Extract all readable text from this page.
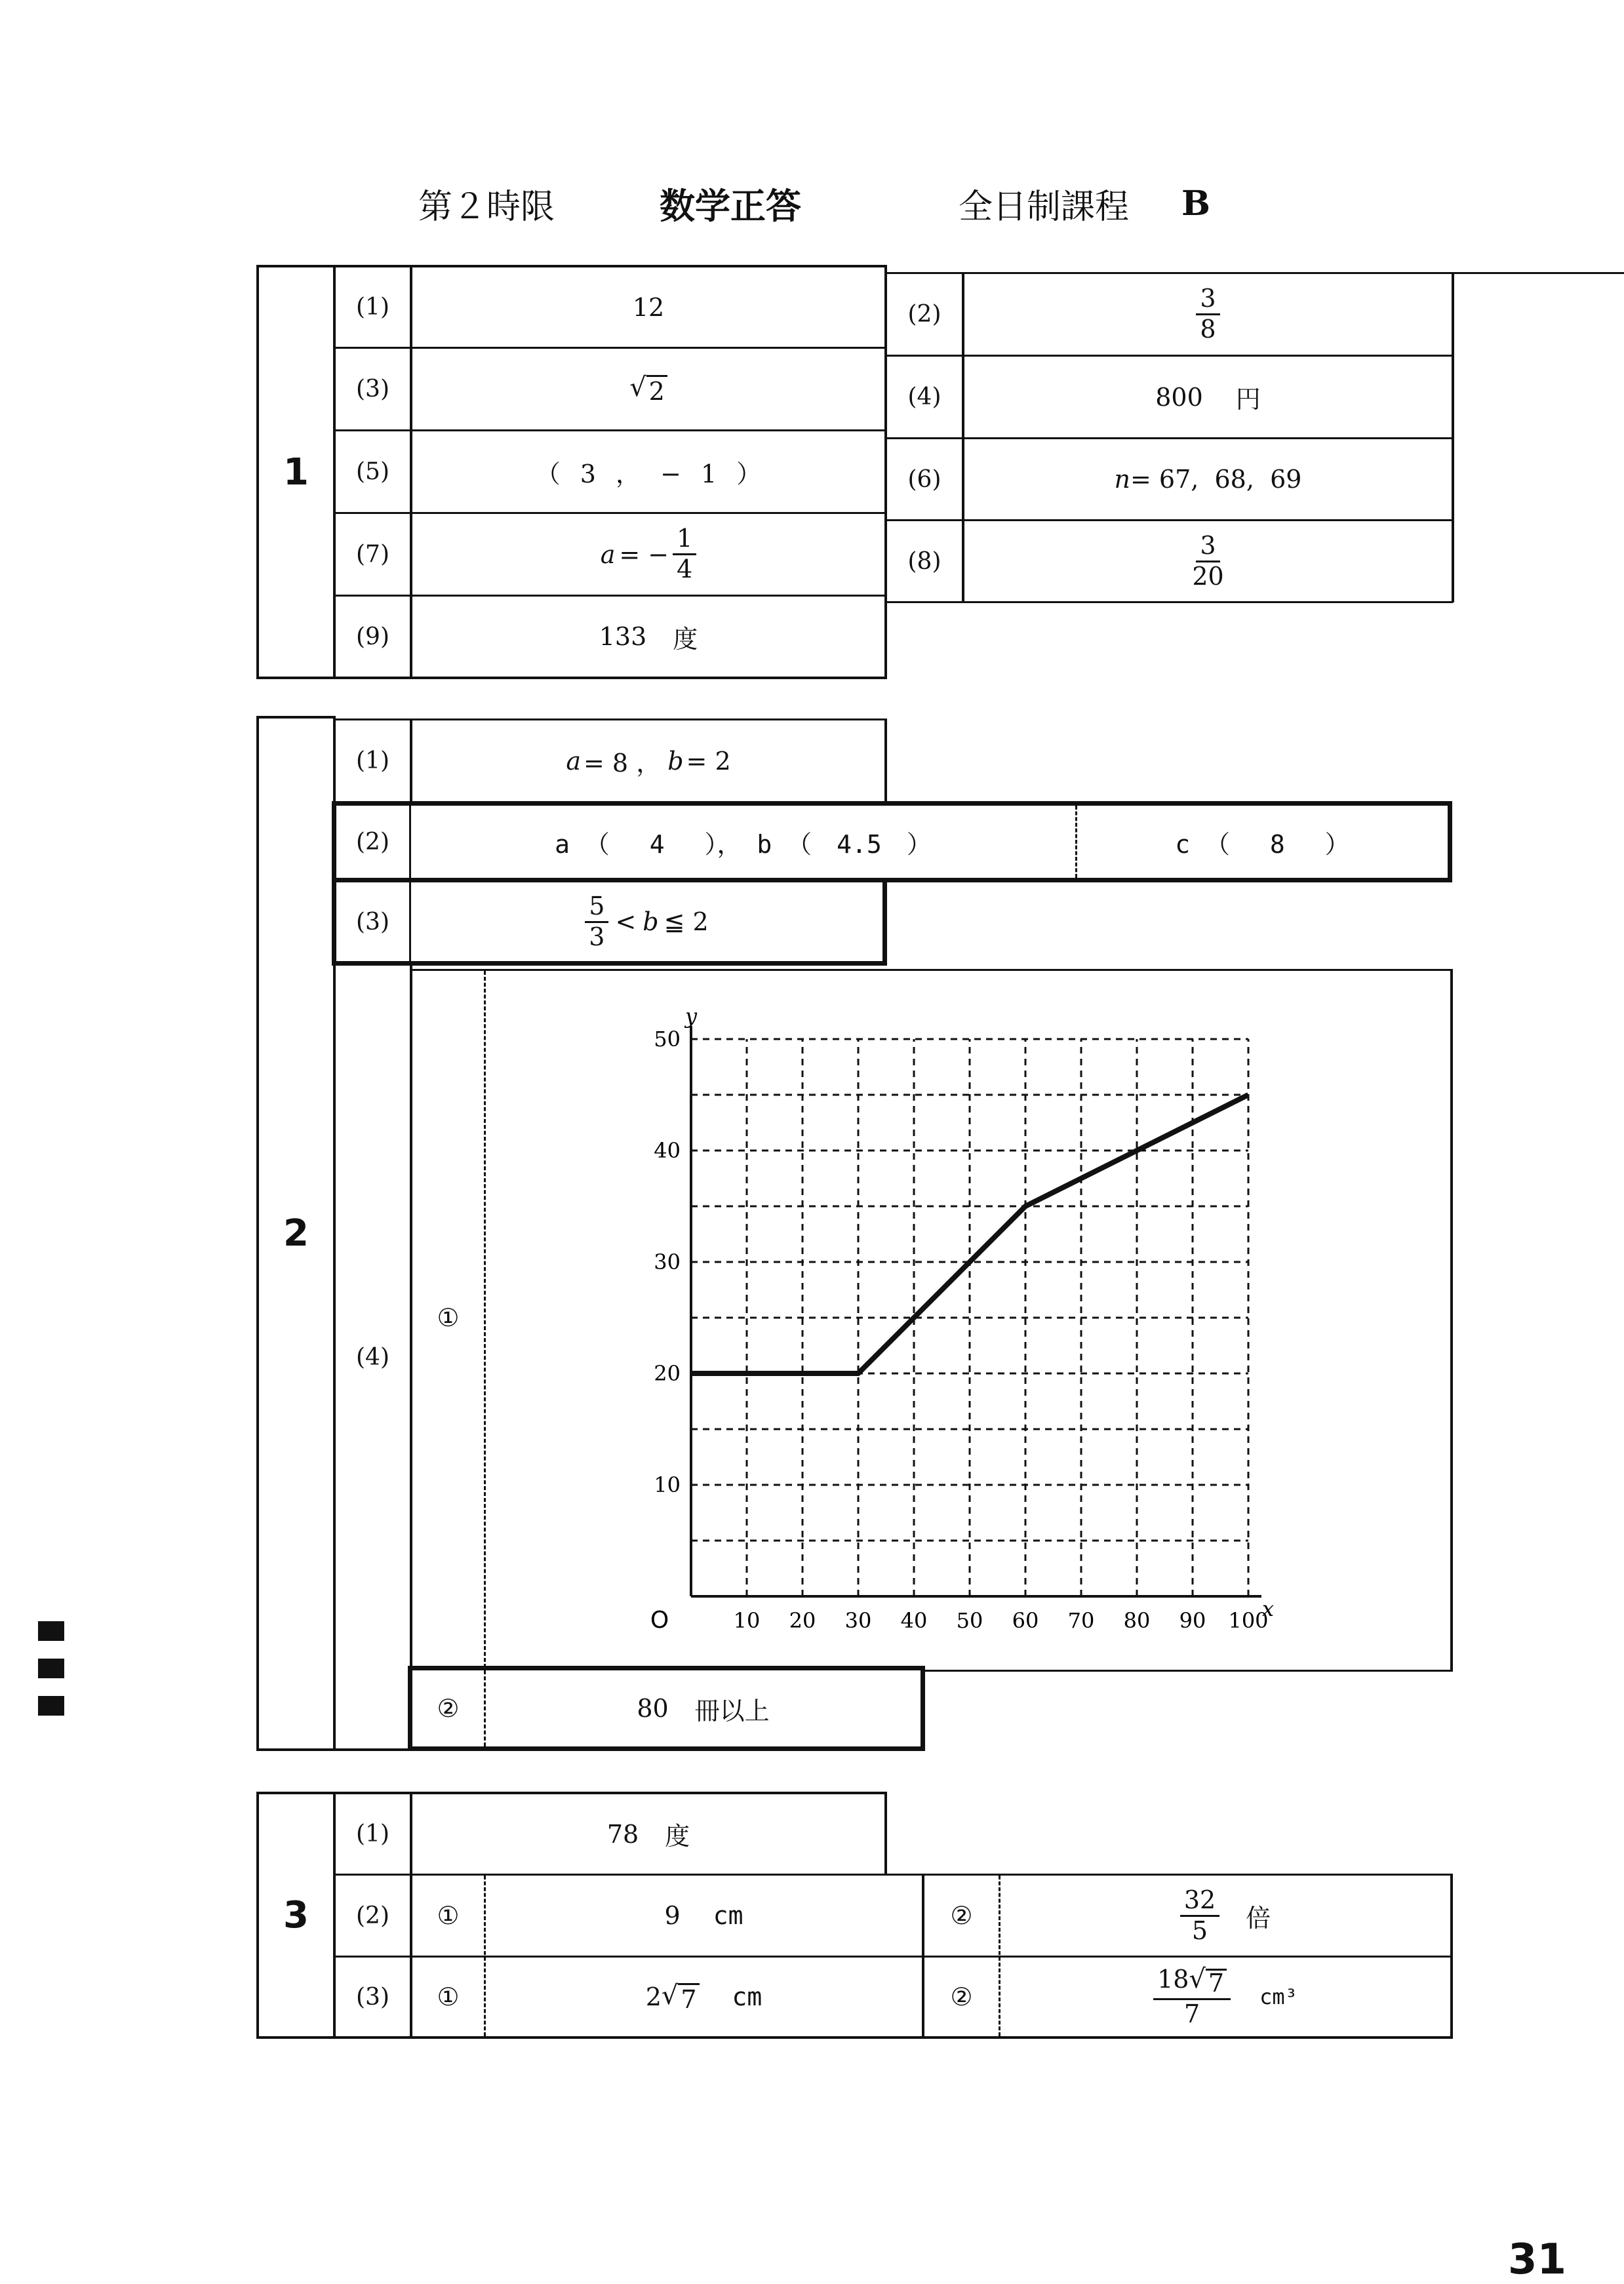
第２時限	数学正答	全日制課程 B
1
(1)	12	(2)	$\frac{3}{8}$
(3)	√ 2	(4)	800 円
(5)	（ 3 ， − 1 ）	(6)	n = 67,  68,  69
(7)	a = − $\frac{1}{4}$	(8)	$\frac{3}{20}$
(9)	133 度
2
(1)	a = 8 ， b = 2
(2)	a （　 4 　）， b （　4.5　）	c （　 8 　）
(3)	$\frac{5}{3} < b$ ≦ 2
(4)
①
10 20 30 40 50 60 70 80 90 100
10
20
30
40
50
O	x
y
②	80 冊以上
3
(1)	78 度
(2)	①	9 cm	②	$\frac{32}{5}$ 倍
(3)	①	2 √ 7 cm	②	$\frac{18 √ 7}{7} cm^3$
31
